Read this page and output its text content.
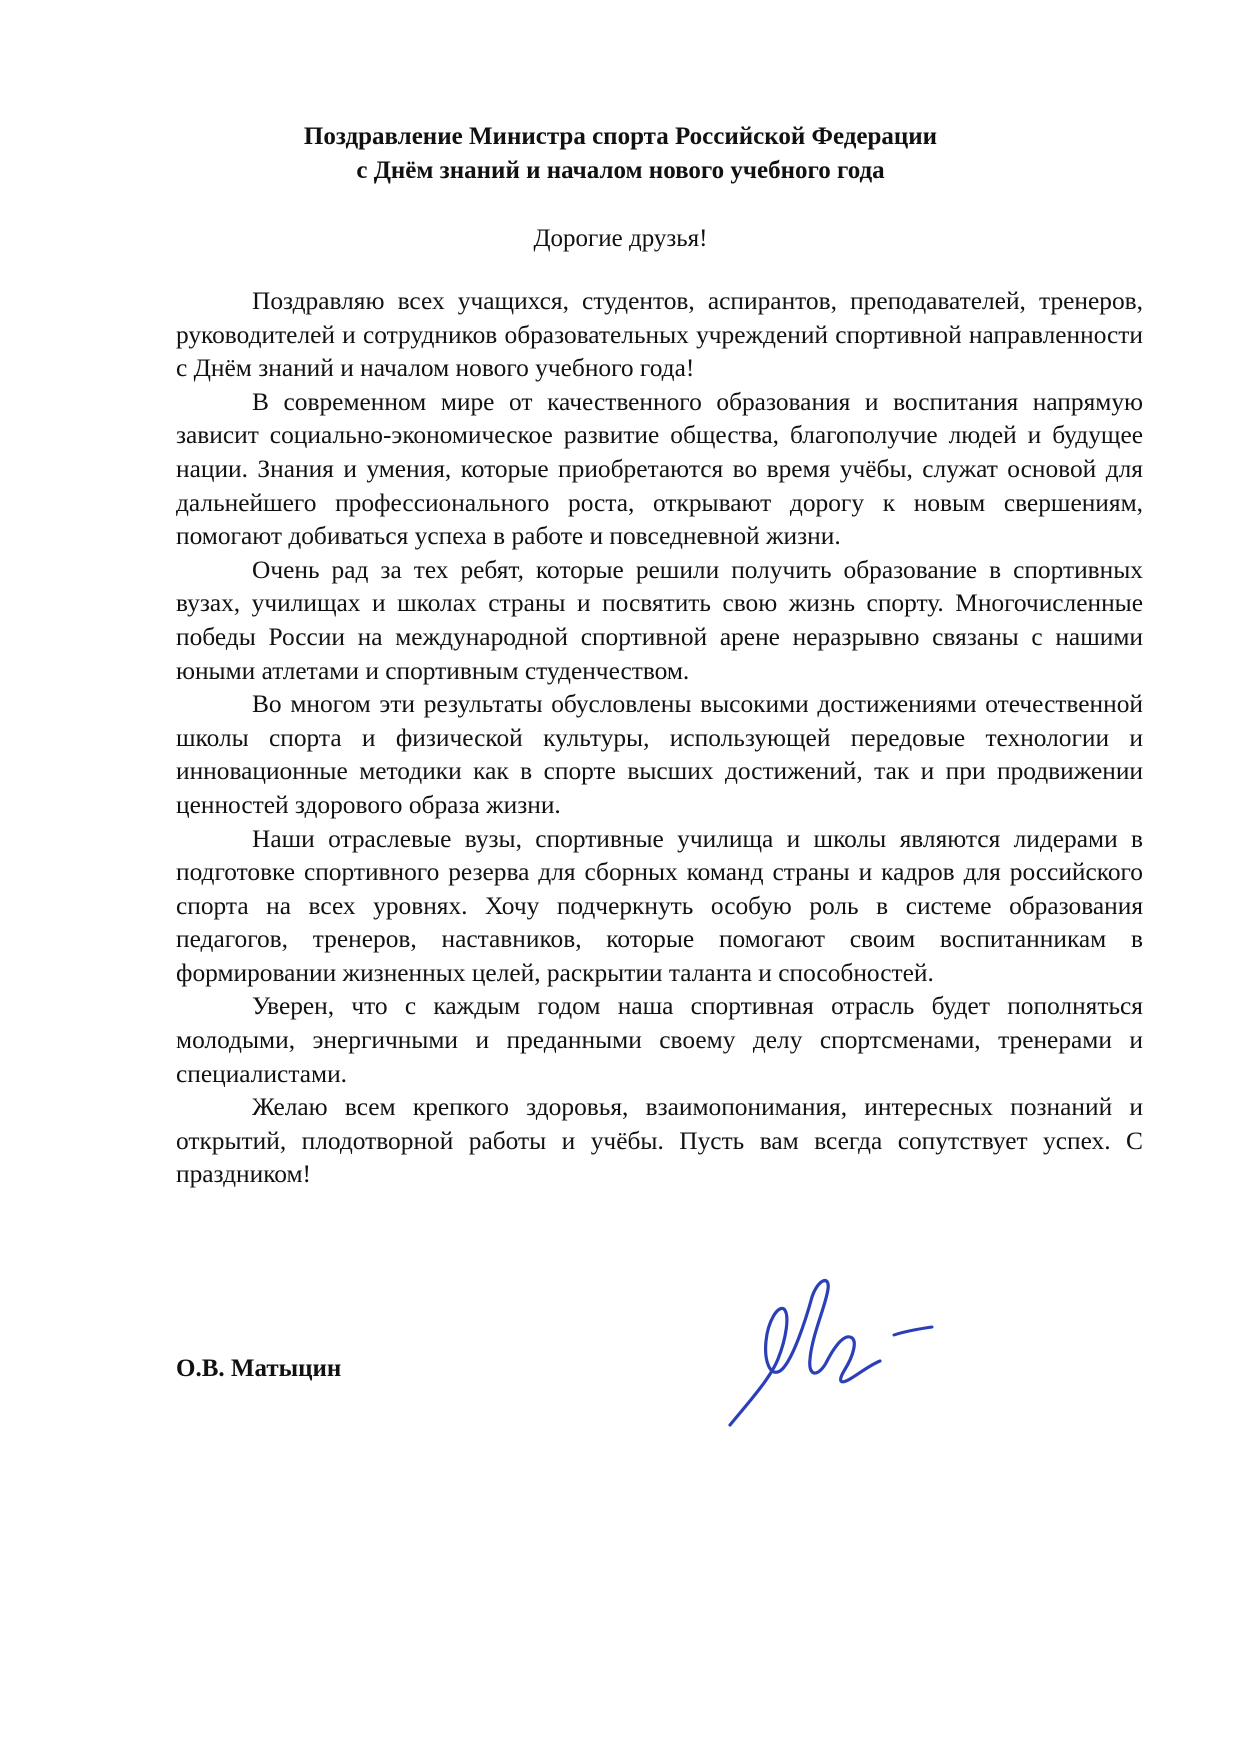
Поздравление Министра спорта Российской Федерации
с Днём знаний и началом нового учебного года
Дорогие друзья!

Поздравляю всех учащихся, студентов, аспирантов, преподавателей, тренеров, руководителей и сотрудников образовательных учреждений спортивной направленности с Днём знаний и началом нового учебного года!

В современном мире от качественного образования и воспитания напрямую зависит социально-экономическое развитие общества, благополучие людей и будущее нации. Знания и умения, которые приобретаются во время учёбы, служат основой для дальнейшего профессионального роста, открывают дорогу к новым свершениям, помогают добиваться успеха в работе и повседневной жизни.

Очень рад за тех ребят, которые решили получить образование в спортивных вузах, училищах и школах страны и посвятить свою жизнь спорту. Многочисленные победы России на международной спортивной арене неразрывно связаны с нашими юными атлетами и спортивным студенчеством.

Во многом эти результаты обусловлены высокими достижениями отечественной школы спорта и физической культуры, использующей передовые технологии и инновационные методики как в спорте высших достижений, так и при продвижении ценностей здорового образа жизни.

Наши отраслевые вузы, спортивные училища и школы являются лидерами в подготовке спортивного резерва для сборных команд страны и кадров для российского спорта на всех уровнях. Хочу подчеркнуть особую роль в системе образования педагогов, тренеров, наставников, которые помогают своим воспитанникам в формировании жизненных целей, раскрытии таланта и способностей.

Уверен, что с каждым годом наша спортивная отрасль будет пополняться молодыми, энергичными и преданными своему делу спортсменами, тренерами и специалистами.

Желаю всем крепкого здоровья, взаимопонимания, интересных познаний и открытий, плодотворной работы и учёбы. Пусть вам всегда сопутствует успех. С праздником!

О.В. Матыцин
